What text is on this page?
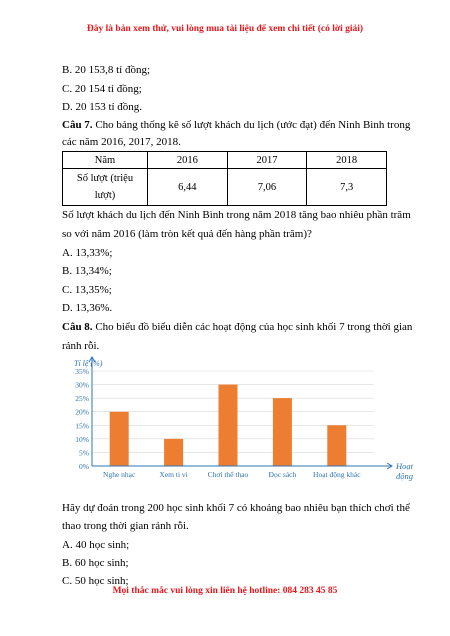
Đây là bản xem thử, vui lòng mua tài liệu để xem chi tiết (có lời giải)
B. 20 153,8 tỉ đồng;
C. 20 154 tỉ đồng;
D. 20 153 tỉ đồng.
Câu 7. Cho bảng thống kê số lượt khách du lịch (ước đạt) đến Ninh Bình trong
các năm 2016, 2017, 2018.
Năm	2016	2017	2018
Số lượt (triệu
lượt)	6,44	7,06	7,3
Số lượt khách du lịch đến Ninh Bình trong năm 2018 tăng bao nhiêu phần trăm
so với năm 2016 (làm tròn kết quả đến hàng phần trăm)?
A. 13,33%;
B. 13,34%;
C. 13,35%;
D. 13,36%.
Câu 8. Cho biểu đồ biểu diễn các hoạt động của học sinh khối 7 trong thời gian
rảnh rỗi.
0%
5%
10%
15%
20%
25%
30%
35%
Nghe nhạc	Xem ti vi	Chơi thể thao	Đọc sách Hoạt động khác
Tỉ lệ (%)
Hoạt
động
Hãy dự đoán trong 200 học sinh khối 7 có khoảng bao nhiêu bạn thích chơi thể
thao trong thời gian rảnh rỗi.
A. 40 học sinh;
B. 60 học sinh;
C. 50 học sinh;
Mọi thắc mắc vui lòng xin liên hệ hotline: 084 283 45 85
